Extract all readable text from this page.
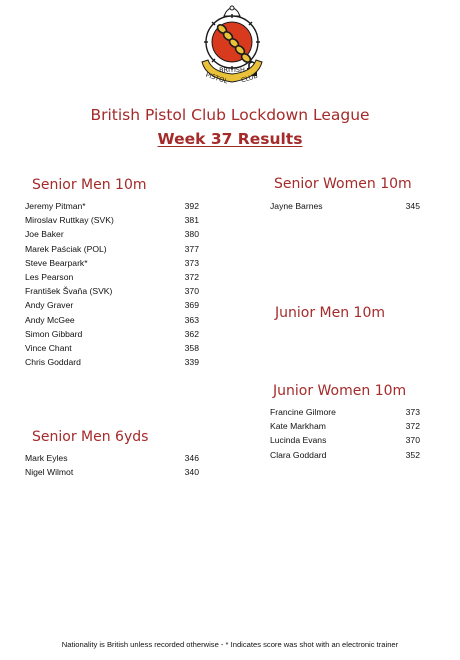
BRITISH
PISTOL CLUB
British Pistol Club Lockdown League
Week 37 Results
Senior Men 10m
Jeremy Pitman*	392
Miroslav Ruttkay (SVK)	381
Joe Baker	380
Marek Paściak (POL)	377
Steve Bearpark*	373
Les Pearson	372
František Švaňa (SVK)	370
Andy Graver	369
Andy McGee	363
Simon Gibbard	362
Vince Chant	358
Chris Goddard	339
Senior Women 10m
Jayne Barnes	345
Junior Men 10m
Junior Women 10m
Francine Gilmore	373
Kate Markham	372
Lucinda Evans	370
Clara Goddard	352
Senior Men 6yds
Mark Eyles	346
Nigel Wilmot	340
Nationality is British unless recorded otherwise - * Indicates score was shot with an electronic trainer
